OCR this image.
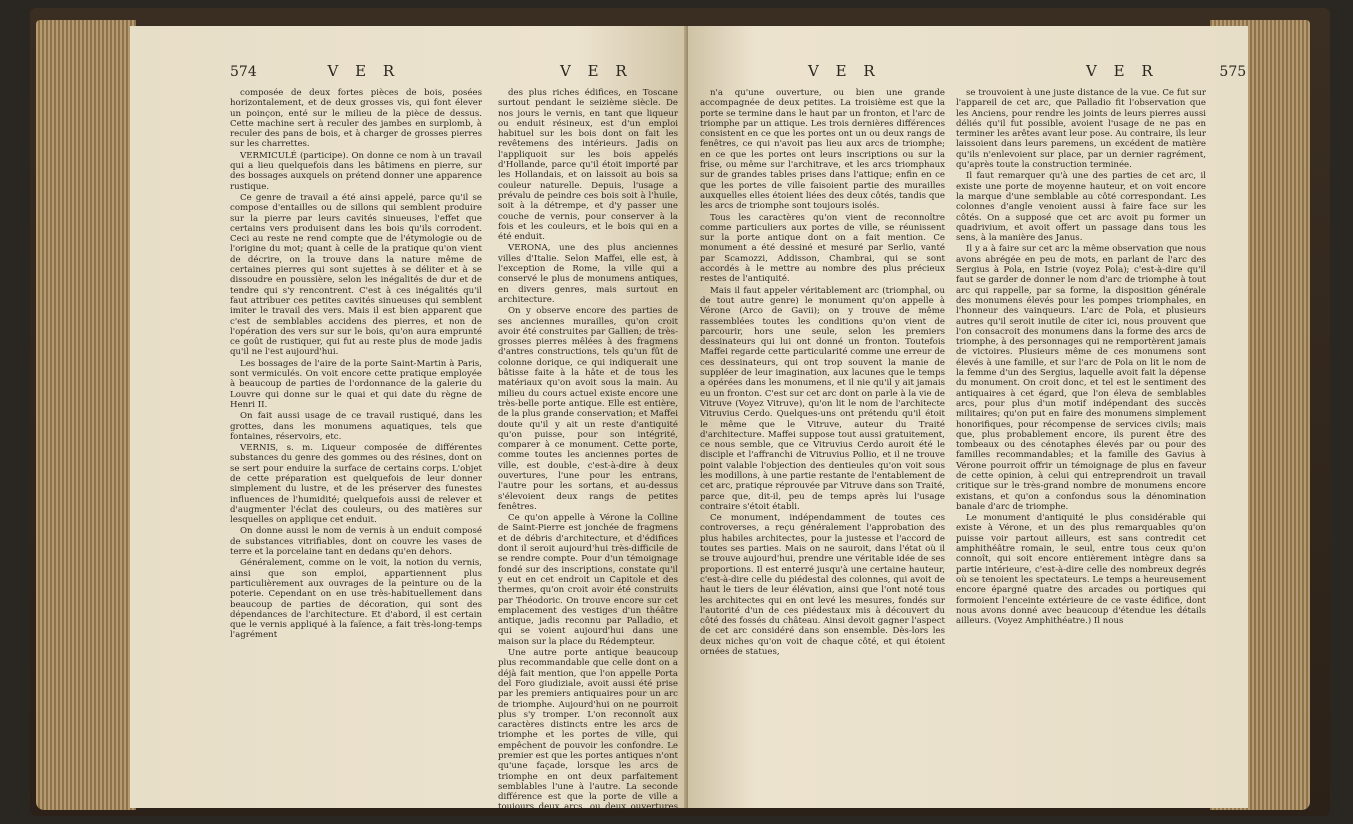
574	V E R	V E R

composée de deux fortes pièces de bois, posées horizontalement, et de deux grosses vis, qui font élever un poinçon, enté sur le milieu de la pièce de dessus. Cette machine sert à reculer des jambes en surplomb, à reculer des pans de bois, et à charger de grosses pierres sur les charrettes.

VERMICULÉ (participe). On donne ce nom à un travail qui a lieu quelquefois dans les bâtimens en pierre, sur des bossages auxquels on prétend donner une apparence rustique.

Ce genre de travail a été ainsi appelé, parce qu'il se compose d'entailles ou de sillons qui semblent produire sur la pierre par leurs cavités sinueuses, l'effet que certains vers produisent dans les bois qu'ils corrodent. Ceci au reste ne rend compte que de l'étymologie ou de l'origine du mot; quant à celle de la pratique qu'on vient de décrire, on la trouve dans la nature même de certaines pierres qui sont sujettes à se déliter et à se dissoudre en poussière, selon les inégalités de dur et de tendre qui s'y rencontrent. C'est à ces inégalités qu'il faut attribuer ces petites cavités sinueuses qui semblent imiter le travail des vers. Mais il est bien apparent que c'est de semblables accidens des pierres, et non de l'opération des vers sur sur le bois, qu'on aura emprunté ce goût de rustiquer, qui fut au reste plus de mode jadis qu'il ne l'est aujourd'hui.

Les bossages de l'aire de la porte Saint-Martin à Paris, sont vermiculés. On voit encore cette pratique employée à beaucoup de parties de l'ordonnance de la galerie du Louvre qui donne sur le quai et qui date du règne de Henri II.

On fait aussi usage de ce travail rustiqué, dans les grottes, dans les monumens aquatiques, tels que fontaines, réservoirs, etc.

VERNIS, s. m. Liqueur composée de différentes substances du genre des gommes ou des résines, dont on se sert pour enduire la surface de certains corps. L'objet de cette préparation est quelquefois de leur donner simplement du lustre, et de les préserver des funestes influences de l'humidité; quelquefois aussi de relever et d'augmenter l'éclat des couleurs, ou des matières sur lesquelles on applique cet enduit.

On donne aussi le nom de vernis à un enduit composé de substances vitrifiables, dont on couvre les vases de terre et la porcelaine tant en dedans qu'en dehors.

Généralement, comme on le voit, la notion du vernis, ainsi que son emploi, appartiennent plus particulièrement aux ouvrages de la peinture ou de la poterie. Cependant on en use très-habituellement dans beaucoup de parties de décoration, qui sont des dépendances de l'architecture. Et d'abord, il est certain que le vernis appliqué à la faïence, a fait très-long-temps l'agrément

des plus riches édifices, en Toscane surtout pendant le seizième siècle. De nos jours le vernis, en tant que liqueur ou enduit résineux, est d'un emploi habituel sur les bois dont on fait les revêtemens des intérieurs. Jadis on l'appliquoit sur les bois appelés d'Hollande, parce qu'il étoit importé par les Hollandais, et on laissoit au bois sa couleur naturelle. Depuis, l'usage a prévalu de peindre ces bois soit à l'huile, soit à la détrempe, et d'y passer une couche de vernis, pour conserver à la fois et les couleurs, et le bois qui en a été enduit.

VERONA, une des plus anciennes villes d'Italie. Selon Maffei, elle est, à l'exception de Rome, la ville qui a conservé le plus de monumens antiques, en divers genres, mais surtout en architecture.

On y observe encore des parties de ses anciennes murailles, qu'on croit avoir été construites par Gallien; de très-grosses pierres mêlées à des fragmens d'antres constructions, tels qu'un fût de colonne dorique, ce qui indiquerait une bâtisse faite à la hâte et de tous les matériaux qu'on avoit sous la main. Au milieu du cours actuel existe encore une très-belle porte antique. Elle est entière, de la plus grande conservation; et Maffei doute qu'il y ait un reste d'antiquité qu'on puisse, pour son intégrité, comparer à ce monument. Cette porte, comme toutes les anciennes portes de ville, est double, c'est-à-dire à deux ouvertures, l'une pour les entrans, l'autre pour les sortans, et au-dessus s'élevoient deux rangs de petites fenêtres.

Ce qu'on appelle à Vérone la Colline de Saint-Pierre est jonchée de fragmens et de débris d'architecture, et d'édifices dont il seroit aujourd'hui très-difficile de se rendre compte. Pour d'un témoignage fondé sur des inscriptions, constate qu'il y eut en cet endroit un Capitole et des thermes, qu'on croit avoir été construits par Théodoric. On trouve encore sur cet emplacement des vestiges d'un théâtre antique, jadis reconnu par Palladio, et qui se voient aujourd'hui dans une maison sur la place du Rédempteur.

Une autre porte antique beaucoup plus recommandable que celle dont on a déjà fait mention, que l'on appelle Porta del Foro giudiziale, avoit aussi été prise par les premiers antiquaires pour un arc de triomphe. Aujourd'hui on ne pourroit plus s'y tromper. L'on reconnoît aux caractères distincts entre les arcs de triomphe et les portes de ville, qui empêchent de pouvoir les confondre. Le premier est que les portes antiques n'ont qu'une façade, lorsque les arcs de triomphe en ont deux parfaitement semblables l'une à l'autre. La seconde différence est que la porte de ville a toujours deux arcs, ou deux ouvertures égales, tandis que l'arc de triomphe ou

V E R	V E R	575

n'a qu'une ouverture, ou bien une grande accompagnée de deux petites. La troisième est que la porte se termine dans le haut par un fronton, et l'arc de triomphe par un attique. Les trois dernières différences consistent en ce que les portes ont un ou deux rangs de fenêtres, ce qui n'avoit pas lieu aux arcs de triomphe; en ce que les portes ont leurs inscriptions ou sur la frise, ou même sur l'architrave, et les arcs triomphaux sur de grandes tables prises dans l'attique; enfin en ce que les portes de ville faisoient partie des murailles auxquelles elles étoient liées des deux côtés, tandis que les arcs de triomphe sont toujours isolés.

Tous les caractères qu'on vient de reconnoître comme particuliers aux portes de ville, se réunissent sur la porte antique dont on a fait mention. Ce monument a été dessiné et mesuré par Serlio, vanté par Scamozzi, Addisson, Chambrai, qui se sont accordés à le mettre au nombre des plus précieux restes de l'antiquité.

Mais il faut appeler véritablement arc (triomphal, ou de tout autre genre) le monument qu'on appelle à Vérone (Arco de Gavii); on y trouve de même rassemblées toutes les conditions qu'on vient de parcourir, hors une seule, selon les premiers dessinateurs qui lui ont donné un fronton. Toutefois Maffei regarde cette particularité comme une erreur de ces dessinateurs, qui ont trop souvent la manie de suppléer de leur imagination, aux lacunes que le temps a opérées dans les monumens, et il nie qu'il y ait jamais eu un fronton. C'est sur cet arc dont on parle à la vie de Vitruve (Voyez Vitruve), qu'on lit le nom de l'architecte Vitruvius Cerdo. Quelques-uns ont prétendu qu'il étoit le même que le Vitruve, auteur du Traité d'architecture. Maffei suppose tout aussi gratuitement, ce nous semble, que ce Vitruvius Cerdo auroit été le disciple et l'affranchi de Vitruvius Pollio, et il ne trouve point valable l'objection des dentieules qu'on voit sous les modillons, à une partie restante de l'entablement de cet arc, pratique réprouvée par Vitruve dans son Traité, parce que, dit-il, peu de temps après lui l'usage contraire s'étoit établi.

Ce monument, indépendamment de toutes ces controverses, a reçu généralement l'approbation des plus habiles architectes, pour la justesse et l'accord de toutes ses parties. Mais on ne sauroit, dans l'état où il se trouve aujourd'hui, prendre une véritable idée de ses proportions. Il est enterré jusqu'à une certaine hauteur, c'est-à-dire celle du piédestal des colonnes, qui avoit de haut le tiers de leur élévation, ainsi que l'ont noté tous les architectes qui en ont levé les mesures, fondés sur l'autorité d'un de ces piédestaux mis à découvert du côté des fossés du château. Ainsi devoit gagner l'aspect de cet arc considéré dans son ensemble. Dès-lors les deux niches qu'on voit de chaque côté, et qui étoient ornées de statues,

se trouvoient à une juste distance de la vue. Ce fut sur l'appareil de cet arc, que Palladio fit l'observation que les Anciens, pour rendre les joints de leurs pierres aussi déliés qu'il fut possible, avoient l'usage de ne pas en terminer les arêtes avant leur pose. Au contraire, ils leur laissoient dans leurs paremens, un excédent de matière qu'ils n'enlevoient sur place, par un dernier ragrément, qu'après toute la construction terminée.

Il faut remarquer qu'à une des parties de cet arc, il existe une porte de moyenne hauteur, et on voit encore la marque d'une semblable au côté correspondant. Les colonnes d'angle venoient aussi à faire face sur les côtés. On a supposé que cet arc avoit pu former un quadrivium, et avoit offert un passage dans tous les sens, à la manière des Janus.

Il y a à faire sur cet arc la même observation que nous avons abrégée en peu de mots, en parlant de l'arc des Sergius à Pola, en Istrie (voyez Pola); c'est-à-dire qu'il faut se garder de donner le nom d'arc de triomphe à tout arc qui rappelle, par sa forme, la disposition générale des monumens élevés pour les pompes triomphales, en l'honneur des vainqueurs. L'arc de Pola, et plusieurs autres qu'il seroit inutile de citer ici, nous prouvent que l'on consacroit des monumens dans la forme des arcs de triomphe, à des personnages qui ne remportèrent jamais de victoires. Plusieurs même de ces monumens sont élevés à une famille, et sur l'arc de Pola on lit le nom de la femme d'un des Sergius, laquelle avoit fait la dépense du monument. On croit donc, et tel est le sentiment des antiquaires à cet égard, que l'on éleva de semblables arcs, pour plus d'un motif indépendant des succès militaires; qu'on put en faire des monumens simplement honorifiques, pour récompense de services civils; mais que, plus probablement encore, ils purent être des tombeaux ou des cénotaphes élevés par ou pour des familles recommandables; et la famille des Gavius à Vérone pourroit offrir un témoignage de plus en faveur de cette opinion, à celui qui entreprendroit un travail critique sur le très-grand nombre de monumens encore existans, et qu'on a confondus sous la dénomination banale d'arc de triomphe.

Le monument d'antiquité le plus considérable qui existe à Vérone, et un des plus remarquables qu'on puisse voir partout ailleurs, est sans contredit cet amphithéâtre romain, le seul, entre tous ceux qu'on connoît, qui soit encore entièrement intègre dans sa partie intérieure, c'est-à-dire celle des nombreux degrés où se tenoient les spectateurs. Le temps a heureusement encore épargné quatre des arcades ou portiques qui formoient l'enceinte extérieure de ce vaste édifice, dont nous avons donné avec beaucoup d'étendue les détails ailleurs. (Voyez Amphithéatre.) Il nous
